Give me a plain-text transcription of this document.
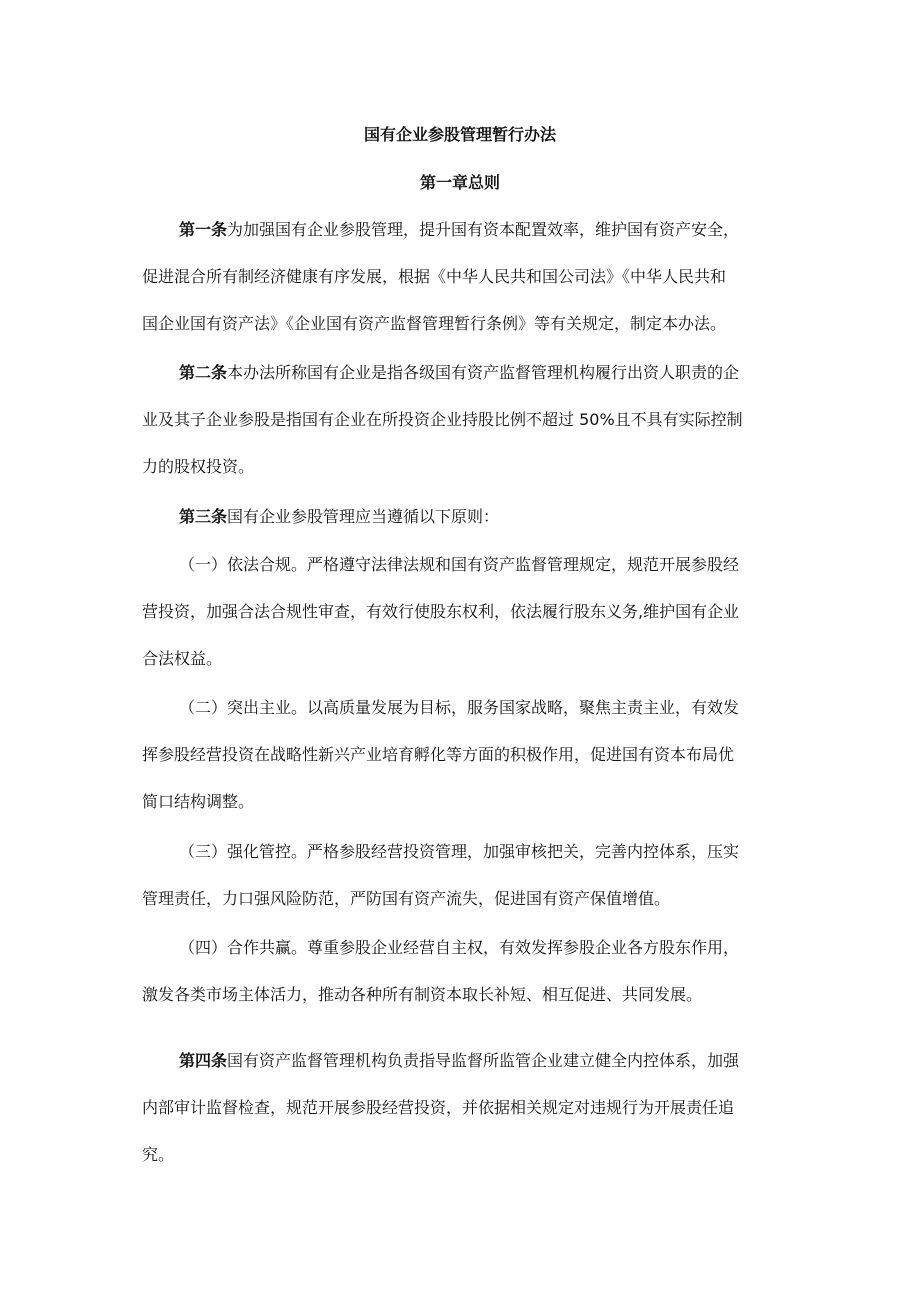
国有企业参股管理暂行办法
第一章总则
第一条为加强国有企业参股管理，提升国有资本配置效率，维护国有资产安全，
促进混合所有制经济健康有序发展，根据《中华人民共和国公司法》《中华人民共和
国企业国有资产法》《企业国有资产监督管理暂行条例》等有关规定，制定本办法。
第二条本办法所称国有企业是指各级国有资产监督管理机构履行出资人职责的企
业及其子企业参股是指国有企业在所投资企业持股比例不超过 50%且不具有实际控制
力的股权投资。
第三条国有企业参股管理应当遵循以下原则：
（一）依法合规。严格遵守法律法规和国有资产监督管理规定，规范开展参股经
营投资，加强合法合规性审查，有效行使股东权利，依法履行股东义务,维护国有企业
合法权益。
（二）突出主业。以高质量发展为目标，服务国家战略，聚焦主责主业，有效发
挥参股经营投资在战略性新兴产业培育孵化等方面的积极作用，促进国有资本布局优
简口结构调整。
（三）强化管控。严格参股经营投资管理，加强审核把关，完善内控体系，压实
管理责任，力口强风险防范，严防国有资产流失，促进国有资产保值增值。
（四）合作共赢。尊重参股企业经营自主权，有效发挥参股企业各方股东作用，
激发各类市场主体活力，推动各种所有制资本取长补短、相互促进、共同发展。
第四条国有资产监督管理机构负责指导监督所监管企业建立健全内控体系，加强
内部审计监督检查，规范开展参股经营投资，并依据相关规定对违规行为开展责任追
究。
